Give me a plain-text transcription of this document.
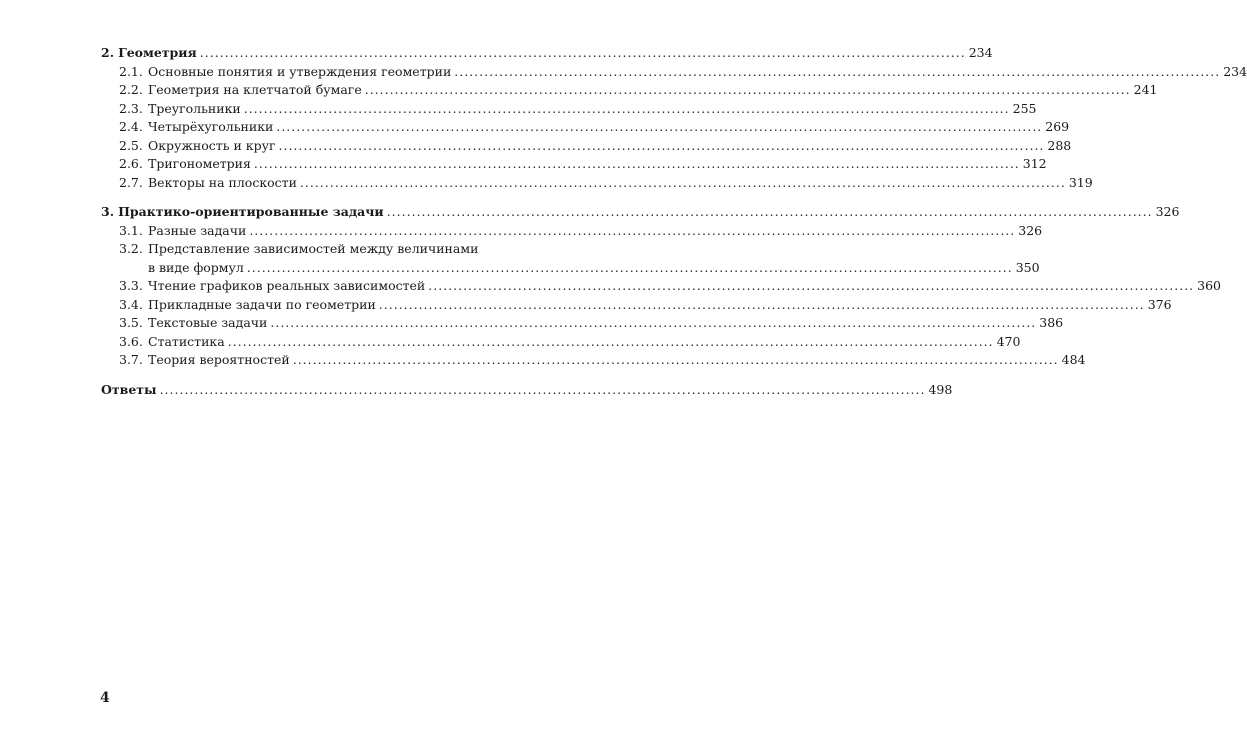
2. Геометрия .....	234
2.1. Основные понятия и утверждения геометрии .....	234
2.2. Геометрия на клетчатой бумаге .....	241
2.3. Треугольники .....	255
2.4. Четырёхугольники .....	269
2.5. Окружность и круг .....	288
2.6. Тригонометрия .....	312
2.7. Векторы на плоскости .....	319
3. Практико-ориентированные задачи .....	326
3.1. Разные задачи .....	326
3.2. Представление зависимостей между величинами
в виде формул .....	350
3.3. Чтение графиков реальных зависимостей .....	360
3.4. Прикладные задачи по геометрии .....	376
3.5. Текстовые задачи .....	386
3.6. Статистика .....	470
3.7. Теория вероятностей .....	484
Ответы .....	498
4
